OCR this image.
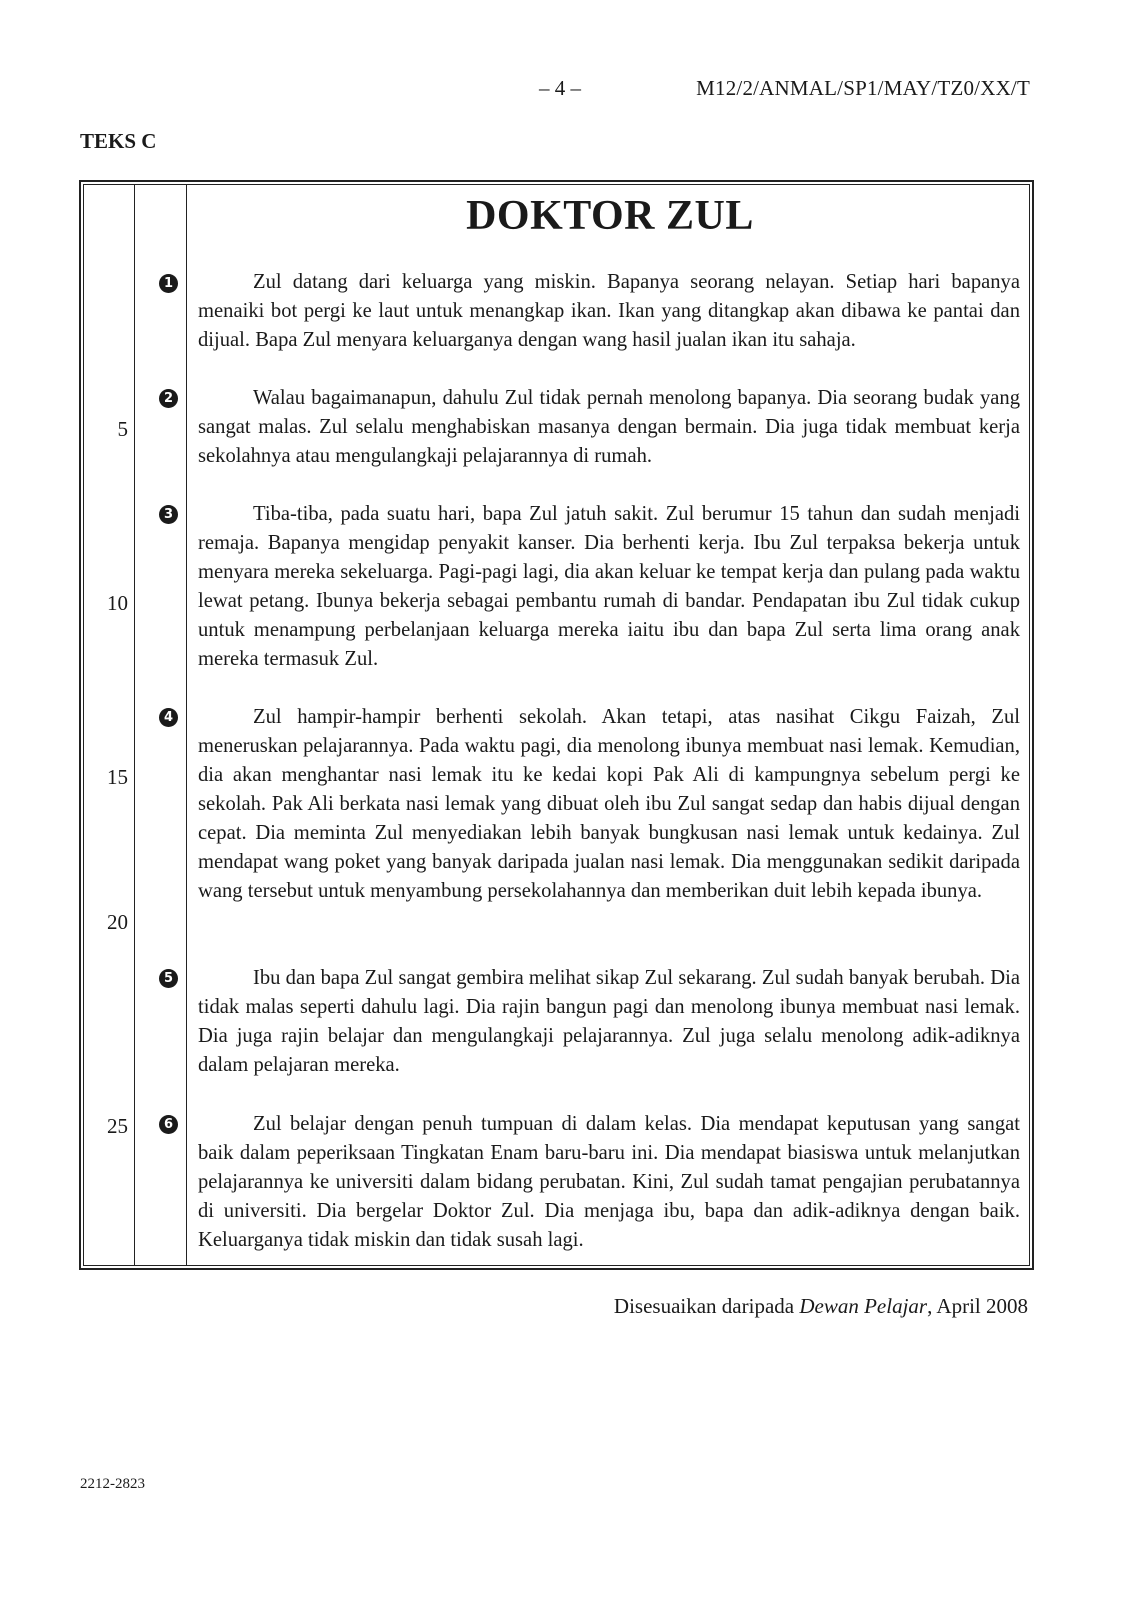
– 4 –	M12/2/ANMAL/SP1/MAY/TZ0/XX/T
TEKS C
DOKTOR ZUL
5
10
15
20
25
1
2
3
4
5
6

Zul datang dari keluarga yang miskin. Bapanya seorang nelayan. Setiap hari bapanya menaiki bot pergi ke laut untuk menangkap ikan. Ikan yang ditangkap akan dibawa ke pantai dan dijual. Bapa Zul menyara keluarganya dengan wang hasil jualan ikan itu sahaja.

Walau bagaimanapun, dahulu Zul tidak pernah menolong bapanya. Dia seorang budak yang sangat malas. Zul selalu menghabiskan masanya dengan bermain. Dia juga tidak membuat kerja sekolahnya atau mengulangkaji pelajarannya di rumah.

Tiba-tiba, pada suatu hari, bapa Zul jatuh sakit. Zul berumur 15 tahun dan sudah menjadi remaja. Bapanya mengidap penyakit kanser. Dia berhenti kerja. Ibu Zul terpaksa bekerja untuk menyara mereka sekeluarga. Pagi-pagi lagi, dia akan keluar ke tempat kerja dan pulang pada waktu lewat petang. Ibunya bekerja sebagai pembantu rumah di bandar. Pendapatan ibu Zul tidak cukup untuk menampung perbelanjaan keluarga mereka iaitu ibu dan bapa Zul serta lima orang anak mereka termasuk Zul.

Zul hampir-hampir berhenti sekolah. Akan tetapi, atas nasihat Cikgu Faizah, Zul meneruskan pelajarannya. Pada waktu pagi, dia menolong ibunya membuat nasi lemak. Kemudian, dia akan menghantar nasi lemak itu ke kedai kopi Pak Ali di kampungnya sebelum pergi ke sekolah. Pak Ali berkata nasi lemak yang dibuat oleh ibu Zul sangat sedap dan habis dijual dengan cepat. Dia meminta Zul menyediakan lebih banyak bungkusan nasi lemak untuk kedainya. Zul mendapat wang poket yang banyak daripada jualan nasi lemak. Dia menggunakan sedikit daripada wang tersebut untuk menyambung persekolahannya dan memberikan duit lebih kepada ibunya.

Ibu dan bapa Zul sangat gembira melihat sikap Zul sekarang. Zul sudah banyak berubah. Dia tidak malas seperti dahulu lagi. Dia rajin bangun pagi dan menolong ibunya membuat nasi lemak. Dia juga rajin belajar dan mengulangkaji pelajarannya. Zul juga selalu menolong adik-adiknya dalam pelajaran mereka.

Zul belajar dengan penuh tumpuan di dalam kelas. Dia mendapat keputusan yang sangat baik dalam peperiksaan Tingkatan Enam baru-baru ini. Dia mendapat biasiswa untuk melanjutkan pelajarannya ke universiti dalam bidang perubatan. Kini, Zul sudah tamat pengajian perubatannya di universiti. Dia bergelar Doktor Zul. Dia menjaga ibu, bapa dan adik-adiknya dengan baik. Keluarganya tidak miskin dan tidak susah lagi.

Disesuaikan daripada Dewan Pelajar, April 2008
2212-2823
